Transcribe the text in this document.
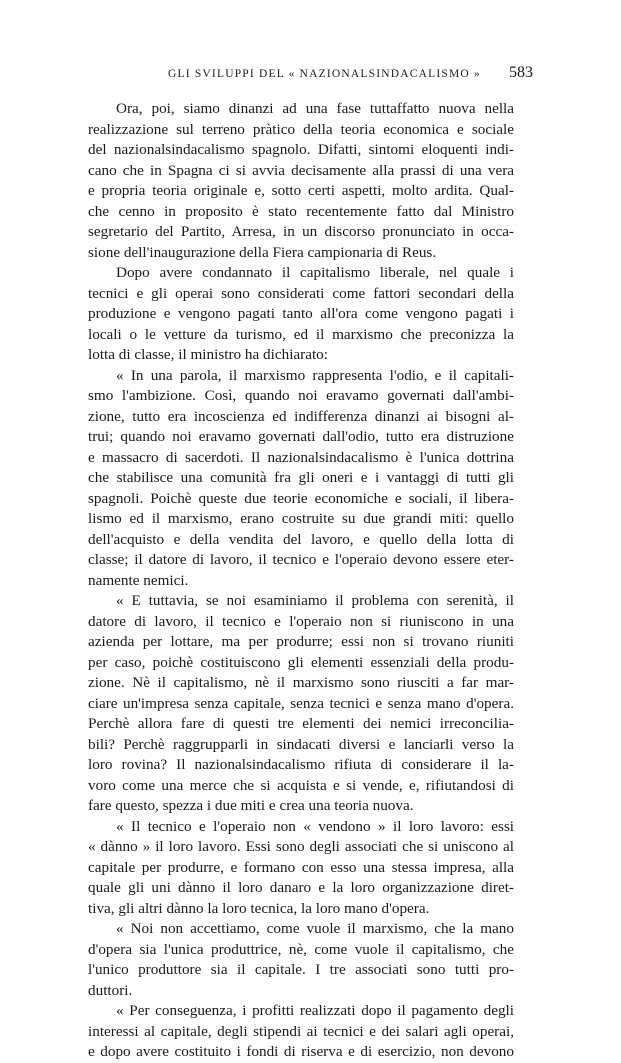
GLI SVILUPPI DEL « NAZIONALSINDACALISMO » 583
Ora, poi, siamo dinanzi ad una fase tuttaffatto nuova nella
realizzazione sul terreno pràtico della teoria economica e sociale
del nazionalsindacalismo spagnolo. Difatti, sintomi eloquenti indi-
cano che in Spagna ci si avvia decisamente alla prassi di una vera
e propria teoria originale e, sotto certi aspetti, molto ardita. Qual-
che cenno in proposito è stato recentemente fatto dal Ministro
segretario del Partito, Arresa, in un discorso pronunciato in occa-
sione dell'inaugurazione della Fiera campionaria di Reus.
Dopo avere condannato il capitalismo liberale, nel quale i
tecnici e gli operai sono considerati come fattori secondari della
produzione e vengono pagati tanto all'ora come vengono pagati i
locali o le vetture da turismo, ed il marxismo che preconizza la
lotta di classe, il ministro ha dichiarato:
« In una parola, il marxismo rappresenta l'odio, e il capitali-
smo l'ambizione. Così, quando noi eravamo governati dall'ambi-
zione, tutto era incoscienza ed indifferenza dinanzi ai bisogni al-
trui; quando noi eravamo governati dall'odio, tutto era distruzione
e massacro di sacerdoti. Il nazionalsindacalismo è l'unica dottrina
che stabilisce una comunità fra gli oneri e i vantaggi di tutti gli
spagnoli. Poichè queste due teorie economiche e sociali, il libera-
lismo ed il marxismo, erano costruite su due grandi miti: quello
dell'acquisto e della vendita del lavoro, e quello della lotta di
classe; il datore di lavoro, il tecnico e l'operaio devono essere eter-
namente nemici.
« E tuttavia, se noi esaminiamo il problema con serenità, il
datore di lavoro, il tecnico e l'operaio non si riuniscono in una
azienda per lottare, ma per produrre; essi non si trovano riuniti
per caso, poichè costituiscono gli elementi essenziali della produ-
zione. Nè il capitalismo, nè il marxismo sono riusciti a far mar-
ciare un'impresa senza capitale, senza tecnici e senza mano d'opera.
Perchè allora fare di questi tre elementi dei nemici irreconcilia-
bili? Perchè raggrupparli in sindacati diversi e lanciarli verso la
loro rovina? Il nazionalsindacalismo rifiuta di considerare il la-
voro come una merce che si acquista e si vende, e, rifiutandosi di
fare questo, spezza i due miti e crea una teoria nuova.
« Il tecnico e l'operaio non « vendono » il loro lavoro: essi
« dànno » il loro lavoro. Essi sono degli associati che si uniscono al
capitale per produrre, e formano con esso una stessa impresa, alla
quale gli uni dànno il loro danaro e la loro organizzazione diret-
tiva, gli altri dànno la loro tecnica, la loro mano d'opera.
« Noi non accettiamo, come vuole il marxismo, che la mano
d'opera sia l'unica produttrice, nè, come vuole il capitalismo, che
l'unico produttore sia il capitale. I tre associati sono tutti pro-
duttori.
« Per conseguenza, i profitti realizzati dopo il pagamento degli
interessi al capitale, degli stipendi ai tecnici e dei salari agli operai,
e dopo avere costituito i fondi di riserva e di esercizio, non devono
